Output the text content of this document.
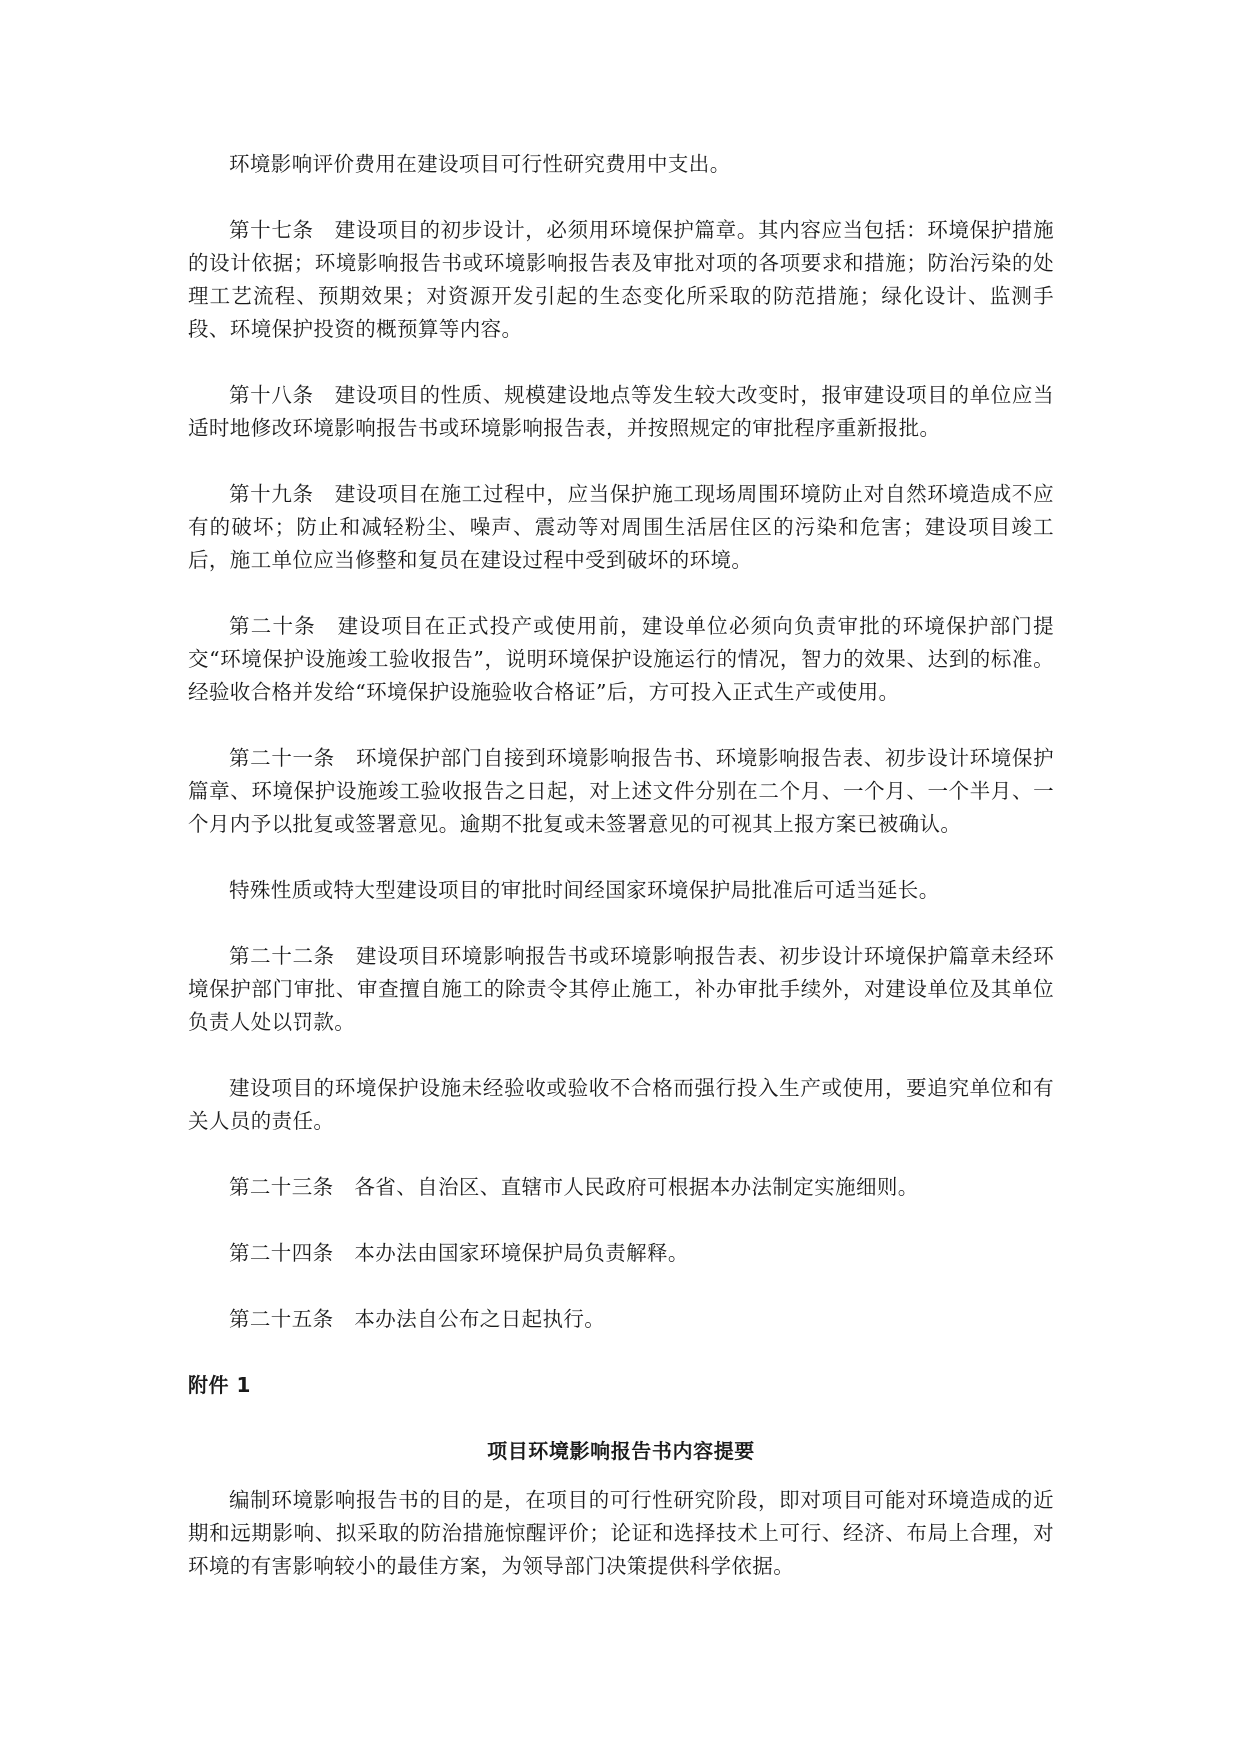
环境影响评价费用在建设项目可行性研究费用中支出。

第十七条　建设项目的初步设计，必须用环境保护篇章。其内容应当包括：环境保护措施的设计依据；环境影响报告书或环境影响报告表及审批对项的各项要求和措施；防治污染的处理工艺流程、预期效果；对资源开发引起的生态变化所采取的防范措施；绿化设计、监测手段、环境保护投资的概预算等内容。

第十八条　建设项目的性质、规模建设地点等发生较大改变时，报审建设项目的单位应当适时地修改环境影响报告书或环境影响报告表，并按照规定的审批程序重新报批。

第十九条　建设项目在施工过程中，应当保护施工现场周围环境防止对自然环境造成不应有的破坏；防止和减轻粉尘、噪声、震动等对周围生活居住区的污染和危害；建设项目竣工后，施工单位应当修整和复员在建设过程中受到破坏的环境。

第二十条　建设项目在正式投产或使用前，建设单位必须向负责审批的环境保护部门提交“环境保护设施竣工验收报告”，说明环境保护设施运行的情况，智力的效果、达到的标准。经验收合格并发给“环境保护设施验收合格证”后，方可投入正式生产或使用。

第二十一条　环境保护部门自接到环境影响报告书、环境影响报告表、初步设计环境保护篇章、环境保护设施竣工验收报告之日起，对上述文件分别在二个月、一个月、一个半月、一个月内予以批复或签署意见。逾期不批复或未签署意见的可视其上报方案已被确认。

特殊性质或特大型建设项目的审批时间经国家环境保护局批准后可适当延长。

第二十二条　建设项目环境影响报告书或环境影响报告表、初步设计环境保护篇章未经环境保护部门审批、审查擅自施工的除责令其停止施工，补办审批手续外，对建设单位及其单位负责人处以罚款。

建设项目的环境保护设施未经验收或验收不合格而强行投入生产或使用，要追究单位和有关人员的责任。

第二十三条　各省、自治区、直辖市人民政府可根据本办法制定实施细则。

第二十四条　本办法由国家环境保护局负责解释。

第二十五条　本办法自公布之日起执行。

附件 1

项目环境影响报告书内容提要

编制环境影响报告书的目的是，在项目的可行性研究阶段，即对项目可能对环境造成的近期和远期影响、拟采取的防治措施惊醒评价；论证和选择技术上可行、经济、布局上合理，对环境的有害影响较小的最佳方案，为领导部门决策提供科学依据。
